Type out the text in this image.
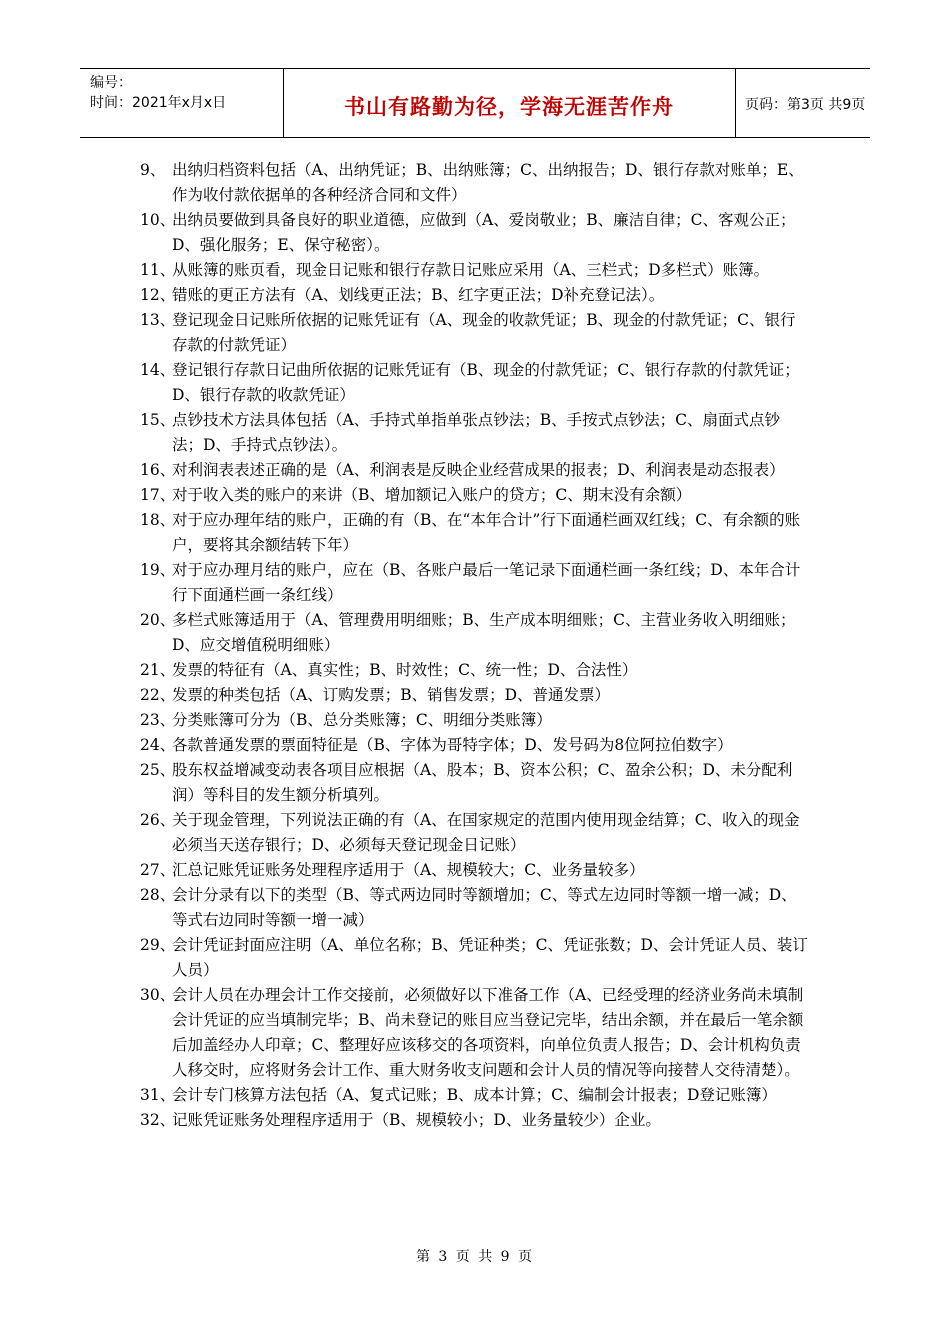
编号：
时间：2021年x月x日	书山有路勤为径，学海无涯苦作舟	页码：第3页 共9页
9、 出纳归档资料包括（A、出纳凭证；B、出纳账簿；C、出纳报告；D、银行存款对账单；E、作为收付款依据单的各种经济合同和文件）
10、
出纳员要做到具备良好的职业道德，应做到（A、爱岗敬业；B、廉洁自律；C、客观公正；D、强化服务；E、保守秘密）。
11、
从账簿的账页看，现金日记账和银行存款日记账应采用（A、三栏式；D多栏式）账簿。
12、
错账的更正方法有（A、划线更正法；B、红字更正法；D补充登记法）。
13、
登记现金日记账所依据的记账凭证有（A、现金的收款凭证；B、现金的付款凭证；C、银行存款的付款凭证）
14、
登记银行存款日记曲所依据的记账凭证有（B、现金的付款凭证；C、银行存款的付款凭证；D、银行存款的收款凭证）
15、
点钞技术方法具体包括（A、手持式单指单张点钞法；B、手按式点钞法；C、扇面式点钞法；D、手持式点钞法）。
16、
对利润表表述正确的是（A、利润表是反映企业经营成果的报表；D、利润表是动态报表）
17、
对于收入类的账户的来讲（B、增加额记入账户的贷方；C、期末没有余额）
18、
对于应办理年结的账户，正确的有（B、在“本年合计”行下面通栏画双红线；C、有余额的账户，要将其余额结转下年）
19、
对于应办理月结的账户，应在（B、各账户最后一笔记录下面通栏画一条红线；D、本年合计行下面通栏画一条红线）
20、
多栏式账簿适用于（A、管理费用明细账；B、生产成本明细账；C、主营业务收入明细账；D、应交增值税明细账）
21、
发票的特征有（A、真实性；B、时效性；C、统一性；D、合法性）
22、
发票的种类包括（A、订购发票；B、销售发票；D、普通发票）
23、
分类账簿可分为（B、总分类账簿；C、明细分类账簿）
24、
各款普通发票的票面特征是（B、字体为哥特字体；D、发号码为8位阿拉伯数字）
25、
股东权益增减变动表各项目应根据（A、股本；B、资本公积；C、盈余公积；D、未分配利润）等科目的发生额分析填列。
26、
关于现金管理，下列说法正确的有（A、在国家规定的范围内使用现金结算；C、收入的现金必须当天送存银行；D、必须每天登记现金日记账）
27、
汇总记账凭证账务处理程序适用于（A、规模较大；C、业务量较多）
28、
会计分录有以下的类型（B、等式两边同时等额增加；C、等式左边同时等额一增一减；D、等式右边同时等额一增一减）
29、
会计凭证封面应注明（A、单位名称；B、凭证种类；C、凭证张数；D、会计凭证人员、装订人员）
30、
会计人员在办理会计工作交接前，必须做好以下准备工作（A、已经受理的经济业务尚未填制会计凭证的应当填制完毕；B、尚未登记的账目应当登记完毕，结出余额，并在最后一笔余额后加盖经办人印章；C、整理好应该移交的各项资料，向单位负责人报告；D、会计机构负责人移交时，应将财务会计工作、重大财务收支问题和会计人员的情况等向接替人交待清楚）。
31、
会计专门核算方法包括（A、复式记账；B、成本计算；C、编制会计报表；D登记账簿）
32、
记账凭证账务处理程序适用于（B、规模较小；D、业务量较少）企业。
第 3 页 共 9 页
